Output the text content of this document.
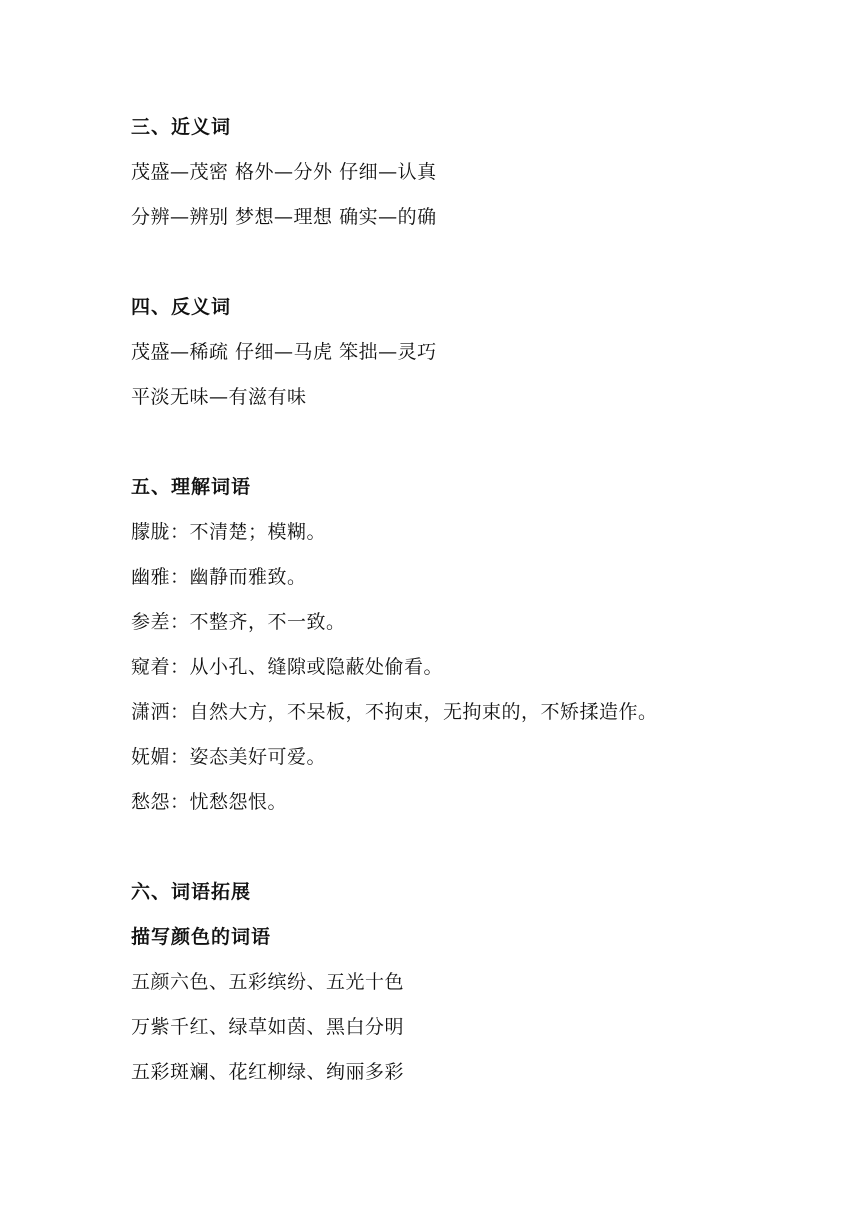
三、近义词
茂盛—茂密 格外—分外 仔细—认真
分辨—辨别 梦想—理想 确实—的确
四、反义词
茂盛—稀疏 仔细—马虎 笨拙—灵巧
平淡无味—有滋有味
五、理解词语
朦胧：不清楚；模糊。
幽雅：幽静而雅致。
参差：不整齐，不一致。
窥着：从小孔、缝隙或隐蔽处偷看。
潇洒：自然大方，不呆板，不拘束，无拘束的，不矫揉造作。
妩媚：姿态美好可爱。
愁怨：忧愁怨恨。
六、词语拓展
描写颜色的词语
五颜六色、五彩缤纷、五光十色
万紫千红、绿草如茵、黑白分明
五彩斑斓、花红柳绿、绚丽多彩
